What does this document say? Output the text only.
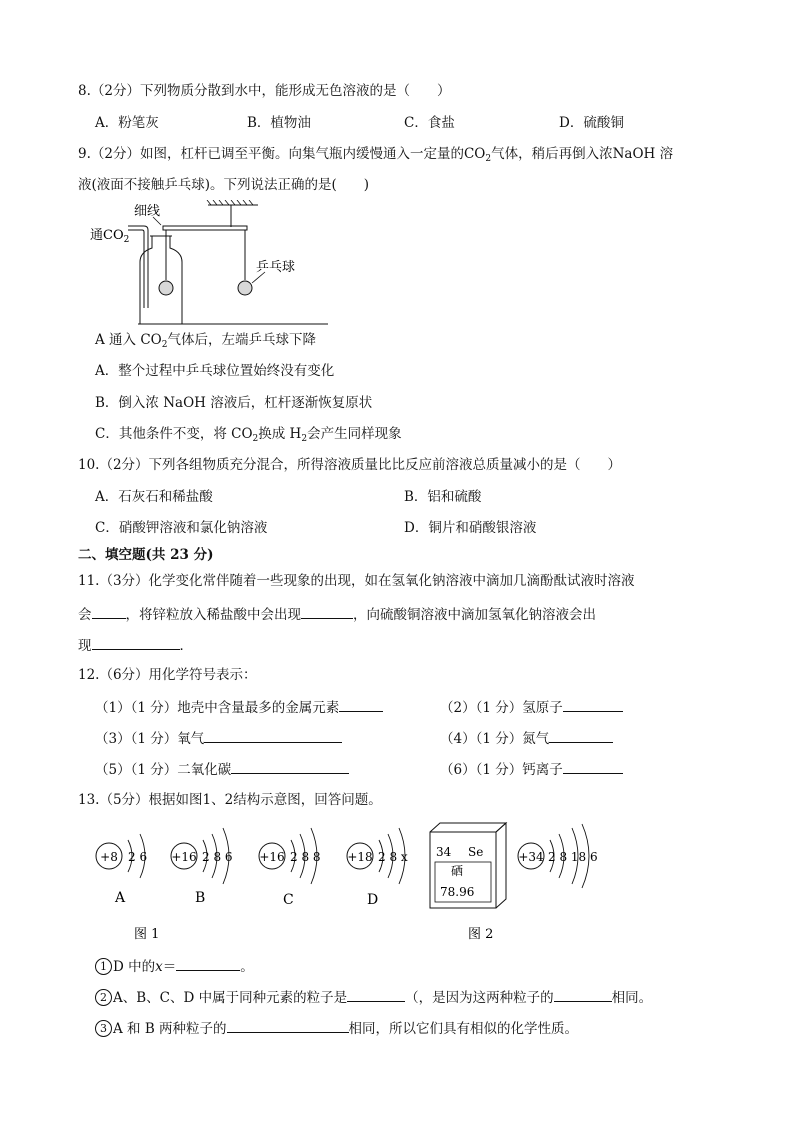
8.（2分）下列物质分散到水中，能形成无色溶液的是（　　）
A．粉笔灰	B．植物油	C．食盐	D．硫酸铜
9.（2分）如图，杠杆已调至平衡。向集气瓶内缓慢通入一定量的$CO_2$气体，稍后再倒入浓NaOH 溶
液(液面不接触乒乓球)。下列说法正确的是(　　)
细线
通$CO_2$
乒乓球
A 通入 $CO_2$气体后，左端乒乓球下降
A．整个过程中乒乓球位置始终没有变化
B．倒入浓 NaOH 溶液后，杠杆逐渐恢复原状
C．其他条件不变，将 $CO_2$换成 $H_2$会产生同样现象
10.（2分）下列各组物质充分混合，所得溶液质量比比反应前溶液总质量减小的是（　　）
A．石灰石和稀盐酸	B．铝和硫酸
C．硝酸钾溶液和氯化钠溶液	D．铜片和硝酸银溶液
二、填空题(共 23 分)
11.（3分）化学变化常伴随着一些现象的出现，如在氢氧化钠溶液中滴加几滴酚酞试液时溶液
会	，将锌粒放入稀盐酸中会出现	，向硫酸铜溶液中滴加氢氧化钠溶液会出
现	．
12.（6分）用化学符号表示：
（1）（1 分）地壳中含量最多的金属元素	（2）（1 分）氢原子
（3）（1 分）氧气	（4）（1 分）氮气
（5）（1 分）二氧化碳	（6）（1 分）钙离子
13.（5分）根据如图1、2结构示意图，回答问题。
+8 2 6
A
+16 2 8 6
B
+16 2 8 8
C
+18 2 8 x
D
34 Se
硒
78.96
+34 2 8 18 6
图 1	图 2
1 D 中的x＝	。
2 A、B、C、D 中属于同种元素的粒子是	（，是因为这两种粒子的	相同。
3 A 和 B 两种粒子的	相同，所以它们具有相似的化学性质。
